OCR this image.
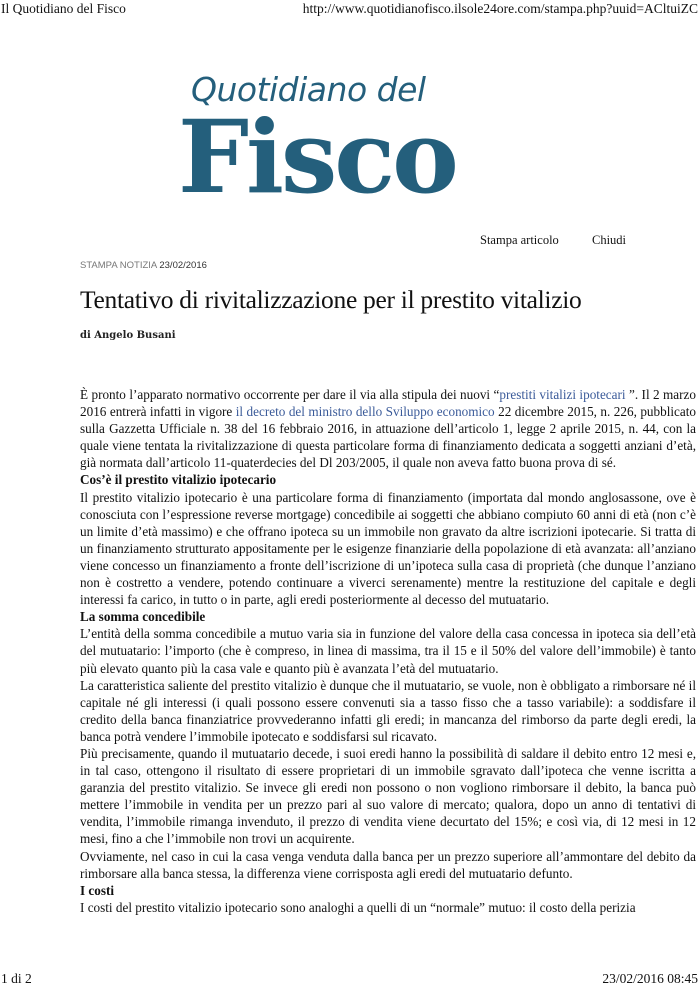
Il Quotidiano del Fisco	http://www.quotidianofisco.ilsole24ore.com/stampa.php?uuid=ACltuiZC
Quotidiano del
Fisco
Stampa articolo	Chiudi
STAMPA NOTIZIA 23/02/2016
Tentativo di rivitalizzazione per il prestito vitalizio
di Angelo Busani

È pronto l’apparato normativo occorrente per dare il via alla stipula dei nuovi “prestiti vitalizi ipotecari ”. Il 2 marzo 2016 entrerà infatti in vigore il decreto del ministro dello Sviluppo economico 22 dicembre 2015, n. 226, pubblicato sulla Gazzetta Ufficiale n. 38 del 16 febbraio 2016, in attuazione dell’articolo 1, legge 2 aprile 2015, n. 44, con la quale viene tentata la rivitalizzazione di questa particolare forma di finanziamento dedicata a soggetti anziani d’età, già normata dall’articolo 11-quaterdecies del Dl 203/2005, il quale non aveva fatto buona prova di sé.

Cos’è il prestito vitalizio ipotecario

Il prestito vitalizio ipotecario è una particolare forma di finanziamento (importata dal mondo anglosassone, ove è conosciuta con l’espressione reverse mortgage) concedibile ai soggetti che abbiano compiuto 60 anni di età (non c’è un limite d’età massimo) e che offrano ipoteca su un immobile non gravato da altre iscrizioni ipotecarie. Si tratta di un finanziamento strutturato appositamente per le esigenze finanziarie della popolazione di età avanzata: all’anziano viene concesso un finanziamento a fronte dell’iscrizione di un’ipoteca sulla casa di proprietà (che dunque l’anziano non è costretto a vendere, potendo continuare a viverci serenamente) mentre la restituzione del capitale e degli interessi fa carico, in tutto o in parte, agli eredi posteriormente al decesso del mutuatario.

La somma concedibile

L’entità della somma concedibile a mutuo varia sia in funzione del valore della casa concessa in ipoteca sia dell’età del mutuatario: l’importo (che è compreso, in linea di massima, tra il 15 e il 50% del valore dell’immobile) è tanto più elevato quanto più la casa vale e quanto più è avanzata l’età del mutuatario.

La caratteristica saliente del prestito vitalizio è dunque che il mutuatario, se vuole, non è obbligato a rimborsare né il capitale né gli interessi (i quali possono essere convenuti sia a tasso fisso che a tasso variabile): a soddisfare il credito della banca finanziatrice provvederanno infatti gli eredi; in mancanza del rimborso da parte degli eredi, la banca potrà vendere l’immobile ipotecato e soddisfarsi sul ricavato.

Più precisamente, quando il mutuatario decede, i suoi eredi hanno la possibilità di saldare il debito entro 12 mesi e, in tal caso, ottengono il risultato di essere proprietari di un immobile sgravato dall’ipoteca che venne iscritta a garanzia del prestito vitalizio. Se invece gli eredi non possono o non vogliono rimborsare il debito, la banca può mettere l’immobile in vendita per un prezzo pari al suo valore di mercato; qualora, dopo un anno di tentativi di vendita, l’immobile rimanga invenduto, il prezzo di vendita viene decurtato del 15%; e così via, di 12 mesi in 12 mesi, fino a che l’immobile non trovi un acquirente.

Ovviamente, nel caso in cui la casa venga venduta dalla banca per un prezzo superiore all’ammontare del debito da rimborsare alla banca stessa, la differenza viene corrisposta agli eredi del mutuatario defunto.

I costi

I costi del prestito vitalizio ipotecario sono analoghi a quelli di un “normale” mutuo: il costo della perizia

1 di 2	23/02/2016 08:45
